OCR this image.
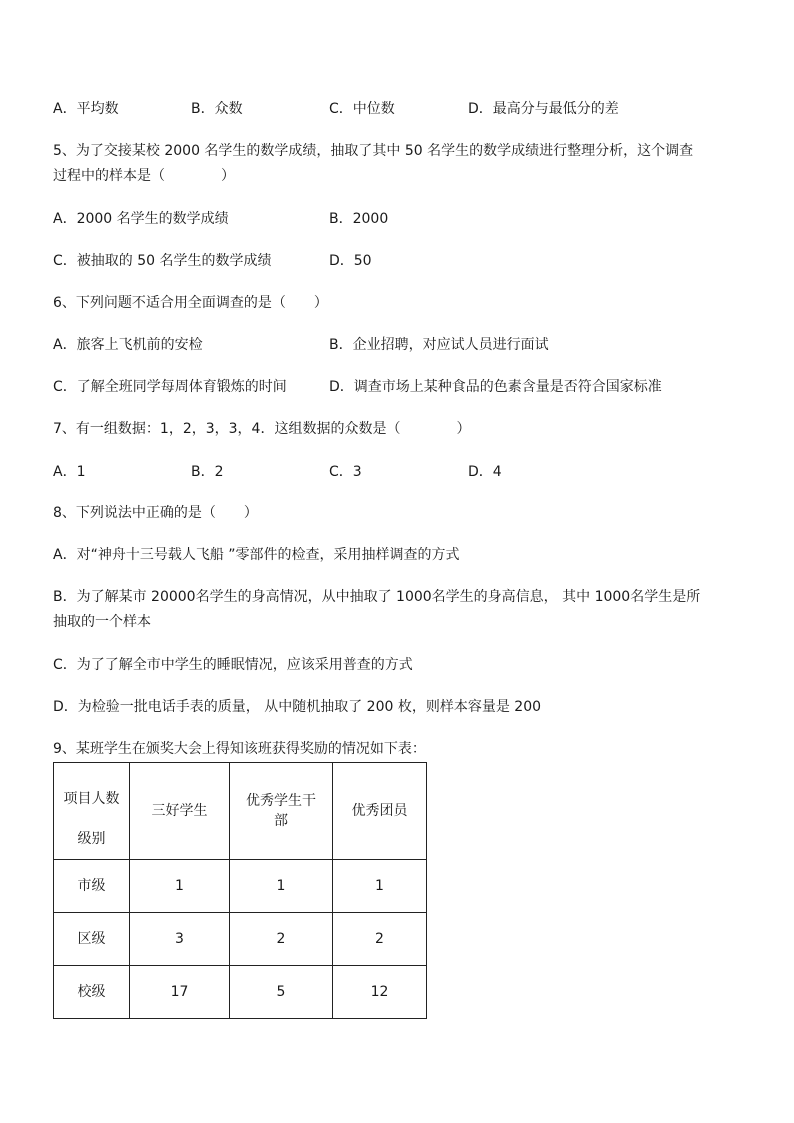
A．平均数	B．众数	C．中位数	D．最高分与最低分的差
5、为了交接某校 2000 名学生的数学成绩，抽取了其中 50 名学生的数学成绩进行整理分析，这个调查
过程中的样本是（　　　　）
A．2000 名学生的数学成绩	B．2000
C．被抽取的 50 名学生的数学成绩	D．50
6、下列问题不适合用全面调查的是（　　）
A．旅客上飞机前的安检	B．企业招聘，对应试人员进行面试
C．了解全班同学每周体育锻炼的时间	D．调查市场上某种食品的色素含量是否符合国家标准
7、有一组数据：1，2，3，3，4．这组数据的众数是（　　　　）
A．1	B．2	C．3	D．4
8、下列说法中正确的是（　　）
A．对“神舟十三号载人飞船 ”零部件的检查，采用抽样调查的方式
B．为了解某市 20000名学生的身高情况，从中抽取了 1000名学生的身高信息， 其中 1000名学生是所
抽取的一个样本
C．为了了解全市中学生的睡眠情况，应该采用普查的方式
D．为检验一批电话手表的质量， 从中随机抽取了 200 枚，则样本容量是 200
9、某班学生在颁奖大会上得知该班获得奖励的情况如下表：
项目人数
级别	三好学生	优秀学生干部	优秀团员
市级	1	1	1
区级	3	2	2
校级	17	5	12
